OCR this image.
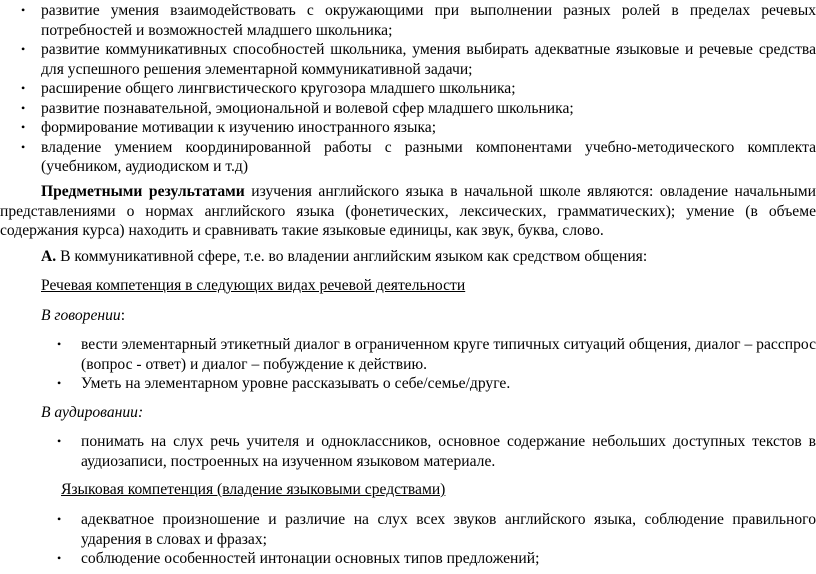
• развитие умения взаимодействовать с окружающими при выполнении разных ролей в пределах речевых
потребностей и возможностей младшего школьника;
• развитие коммуникативных способностей школьника, умения выбирать адекватные языковые и речевые средства
для успешного решения элементарной коммуникативной задачи;
• расширение общего лингвистического кругозора младшего школьника;
• развитие познавательной, эмоциональной и волевой сфер младшего школьника;
• формирование мотивации к изучению иностранного языка;
• владение умением координированной работы с разными компонентами учебно-методического комплекта
(учебником, аудиодиском и т.д)
Предметными результатами изучения английского языка в начальной школе являются: овладение начальными
представлениями о нормах английского языка (фонетических, лексических, грамматических); умение (в объеме
содержания курса) находить и сравнивать такие языковые единицы, как звук, буква, слово.
А. В коммуникативной сфере, т.е. во владении английским языком как средством общения:
Речевая компетенция в следующих видах речевой деятельности
В говорении:
• вести элементарный этикетный диалог в ограниченном круге типичных ситуаций общения, диалог – расспрос
(вопрос - ответ) и диалог – побуждение к действию.
• Уметь на элементарном уровне рассказывать о себе/семье/друге.
В аудировании:
• понимать на слух речь учителя и одноклассников, основное содержание небольших доступных текстов в
аудиозаписи, построенных на изученном языковом материале.
Языковая компетенция (владение языковыми средствами)
• адекватное произношение и различие на слух всех звуков английского языка, соблюдение правильного
ударения в словах и фразах;
• соблюдение особенностей интонации основных типов предложений;
